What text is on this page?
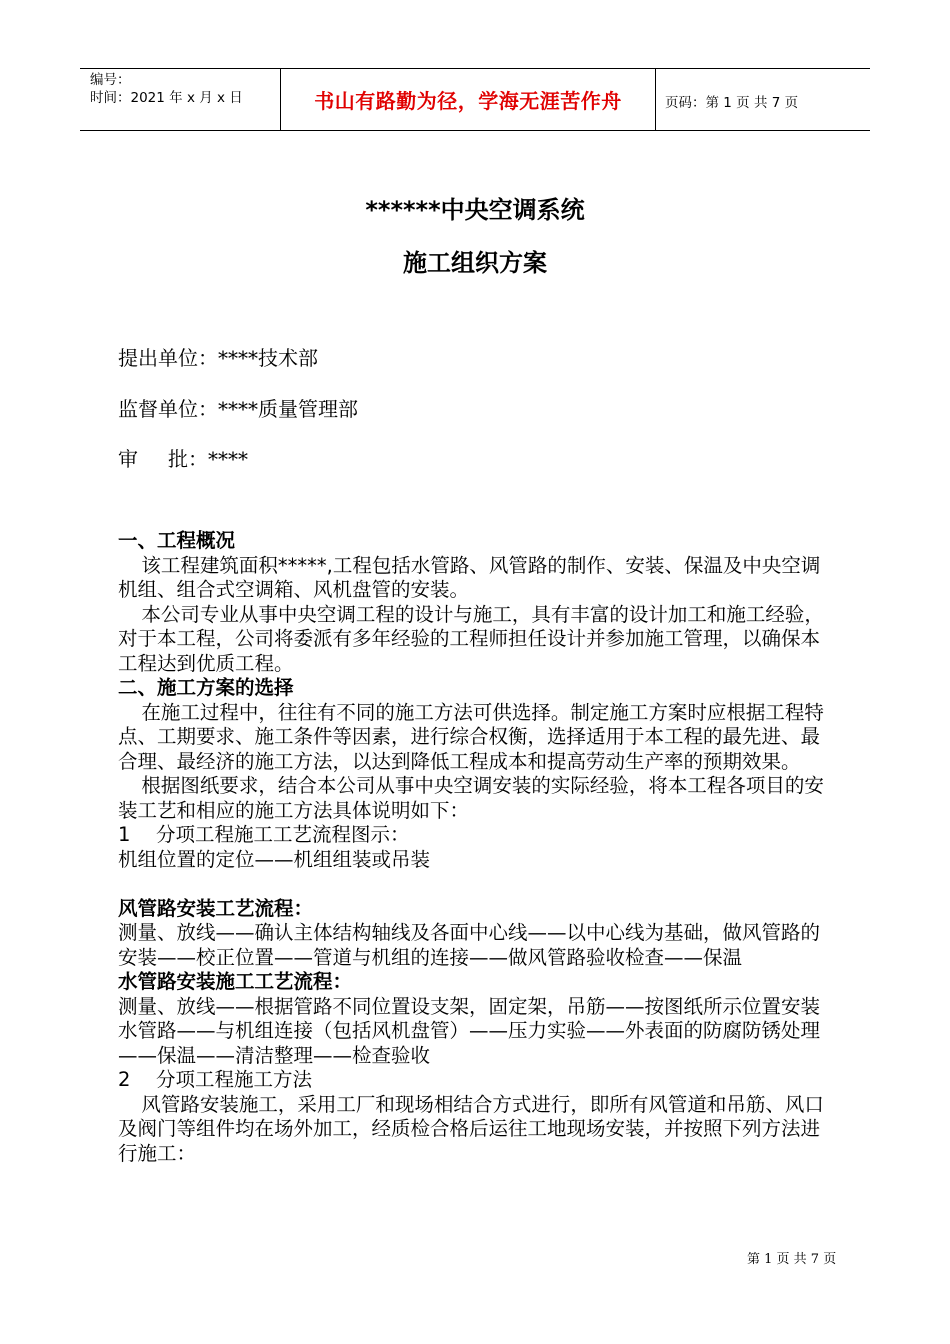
编号：
时间：2021 年 x 月 x 日	书山有路勤为径，学海无涯苦作舟	页码：第 1 页 共 7 页
******中央空调系统
施工组织方案
提出单位：****技术部
监督单位：****质量管理部
审 批：****

一、工程概况

该工程建筑面积*****,工程包括水管路、风管路的制作、安装、保温及中央空调机组、组合式空调箱、风机盘管的安装。

本公司专业从事中央空调工程的设计与施工，具有丰富的设计加工和施工经验，对于本工程，公司将委派有多年经验的工程师担任设计并参加施工管理，以确保本工程达到优质工程。

二、施工方案的选择

在施工过程中，往往有不同的施工方法可供选择。制定施工方案时应根据工程特点、工期要求、施工条件等因素，进行综合权衡，选择适用于本工程的最先进、最合理、最经济的施工方法，以达到降低工程成本和提高劳动生产率的预期效果。

根据图纸要求，结合本公司从事中央空调安装的实际经验，将本工程各项目的安装工艺和相应的施工方法具体说明如下：

1 分项工程施工工艺流程图示：

机组位置的定位——机组组装或吊装

风管路安装工艺流程：

测量、放线——确认主体结构轴线及各面中心线——以中心线为基础，做风管路的安装——校正位置——管道与机组的连接——做风管路验收检查——保温

水管路安装施工工艺流程：

测量、放线——根据管路不同位置设支架，固定架，吊筋——按图纸所示位置安装水管路——与机组连接（包括风机盘管）——压力实验——外表面的防腐防锈处理——保温——清洁整理——检查验收

2 分项工程施工方法

风管路安装施工，采用工厂和现场相结合方式进行，即所有风管道和吊筋、风口及阀门等组件均在场外加工，经质检合格后运往工地现场安装，并按照下列方法进行施工：

第 1 页 共 7 页
